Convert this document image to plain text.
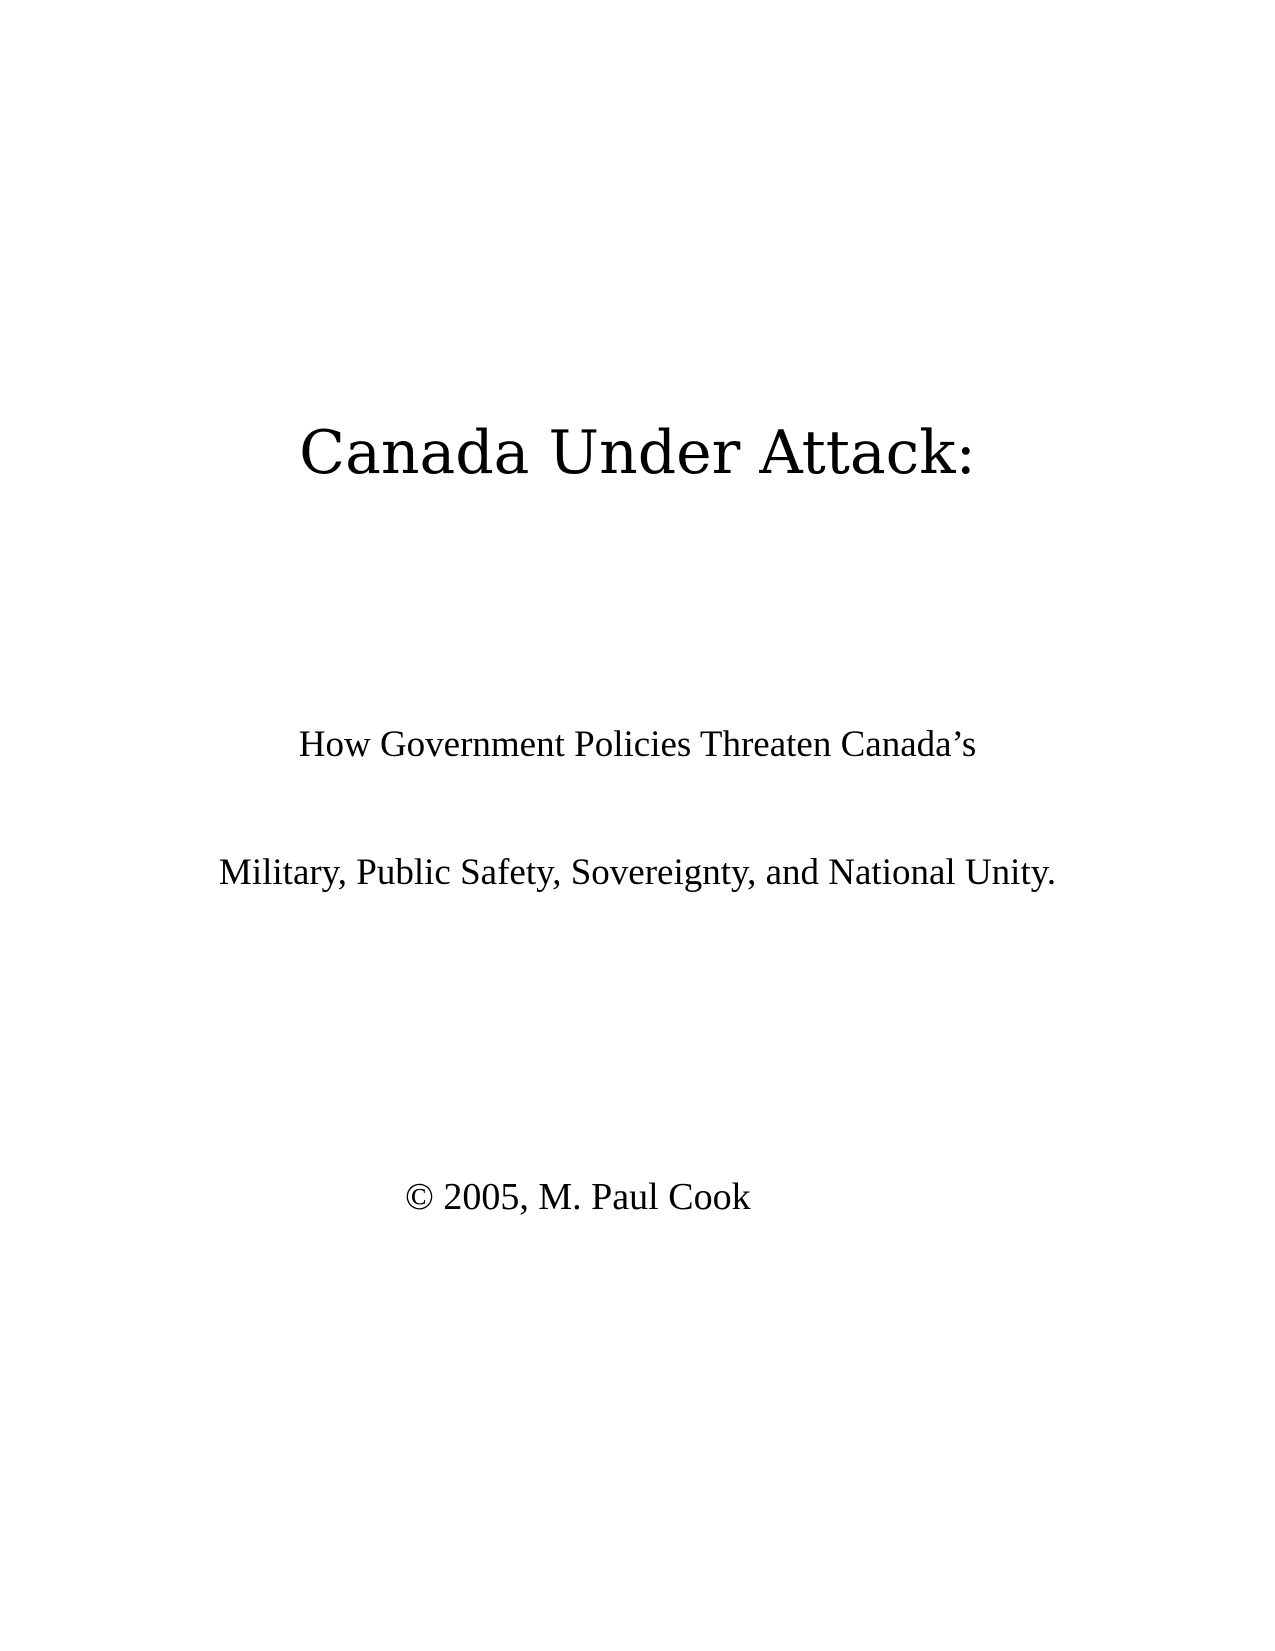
Canada Under Attack:

How Government Policies Threaten Canada’s

Military, Public Safety, Sovereignty, and National Unity.

© 2005, M. Paul Cook
